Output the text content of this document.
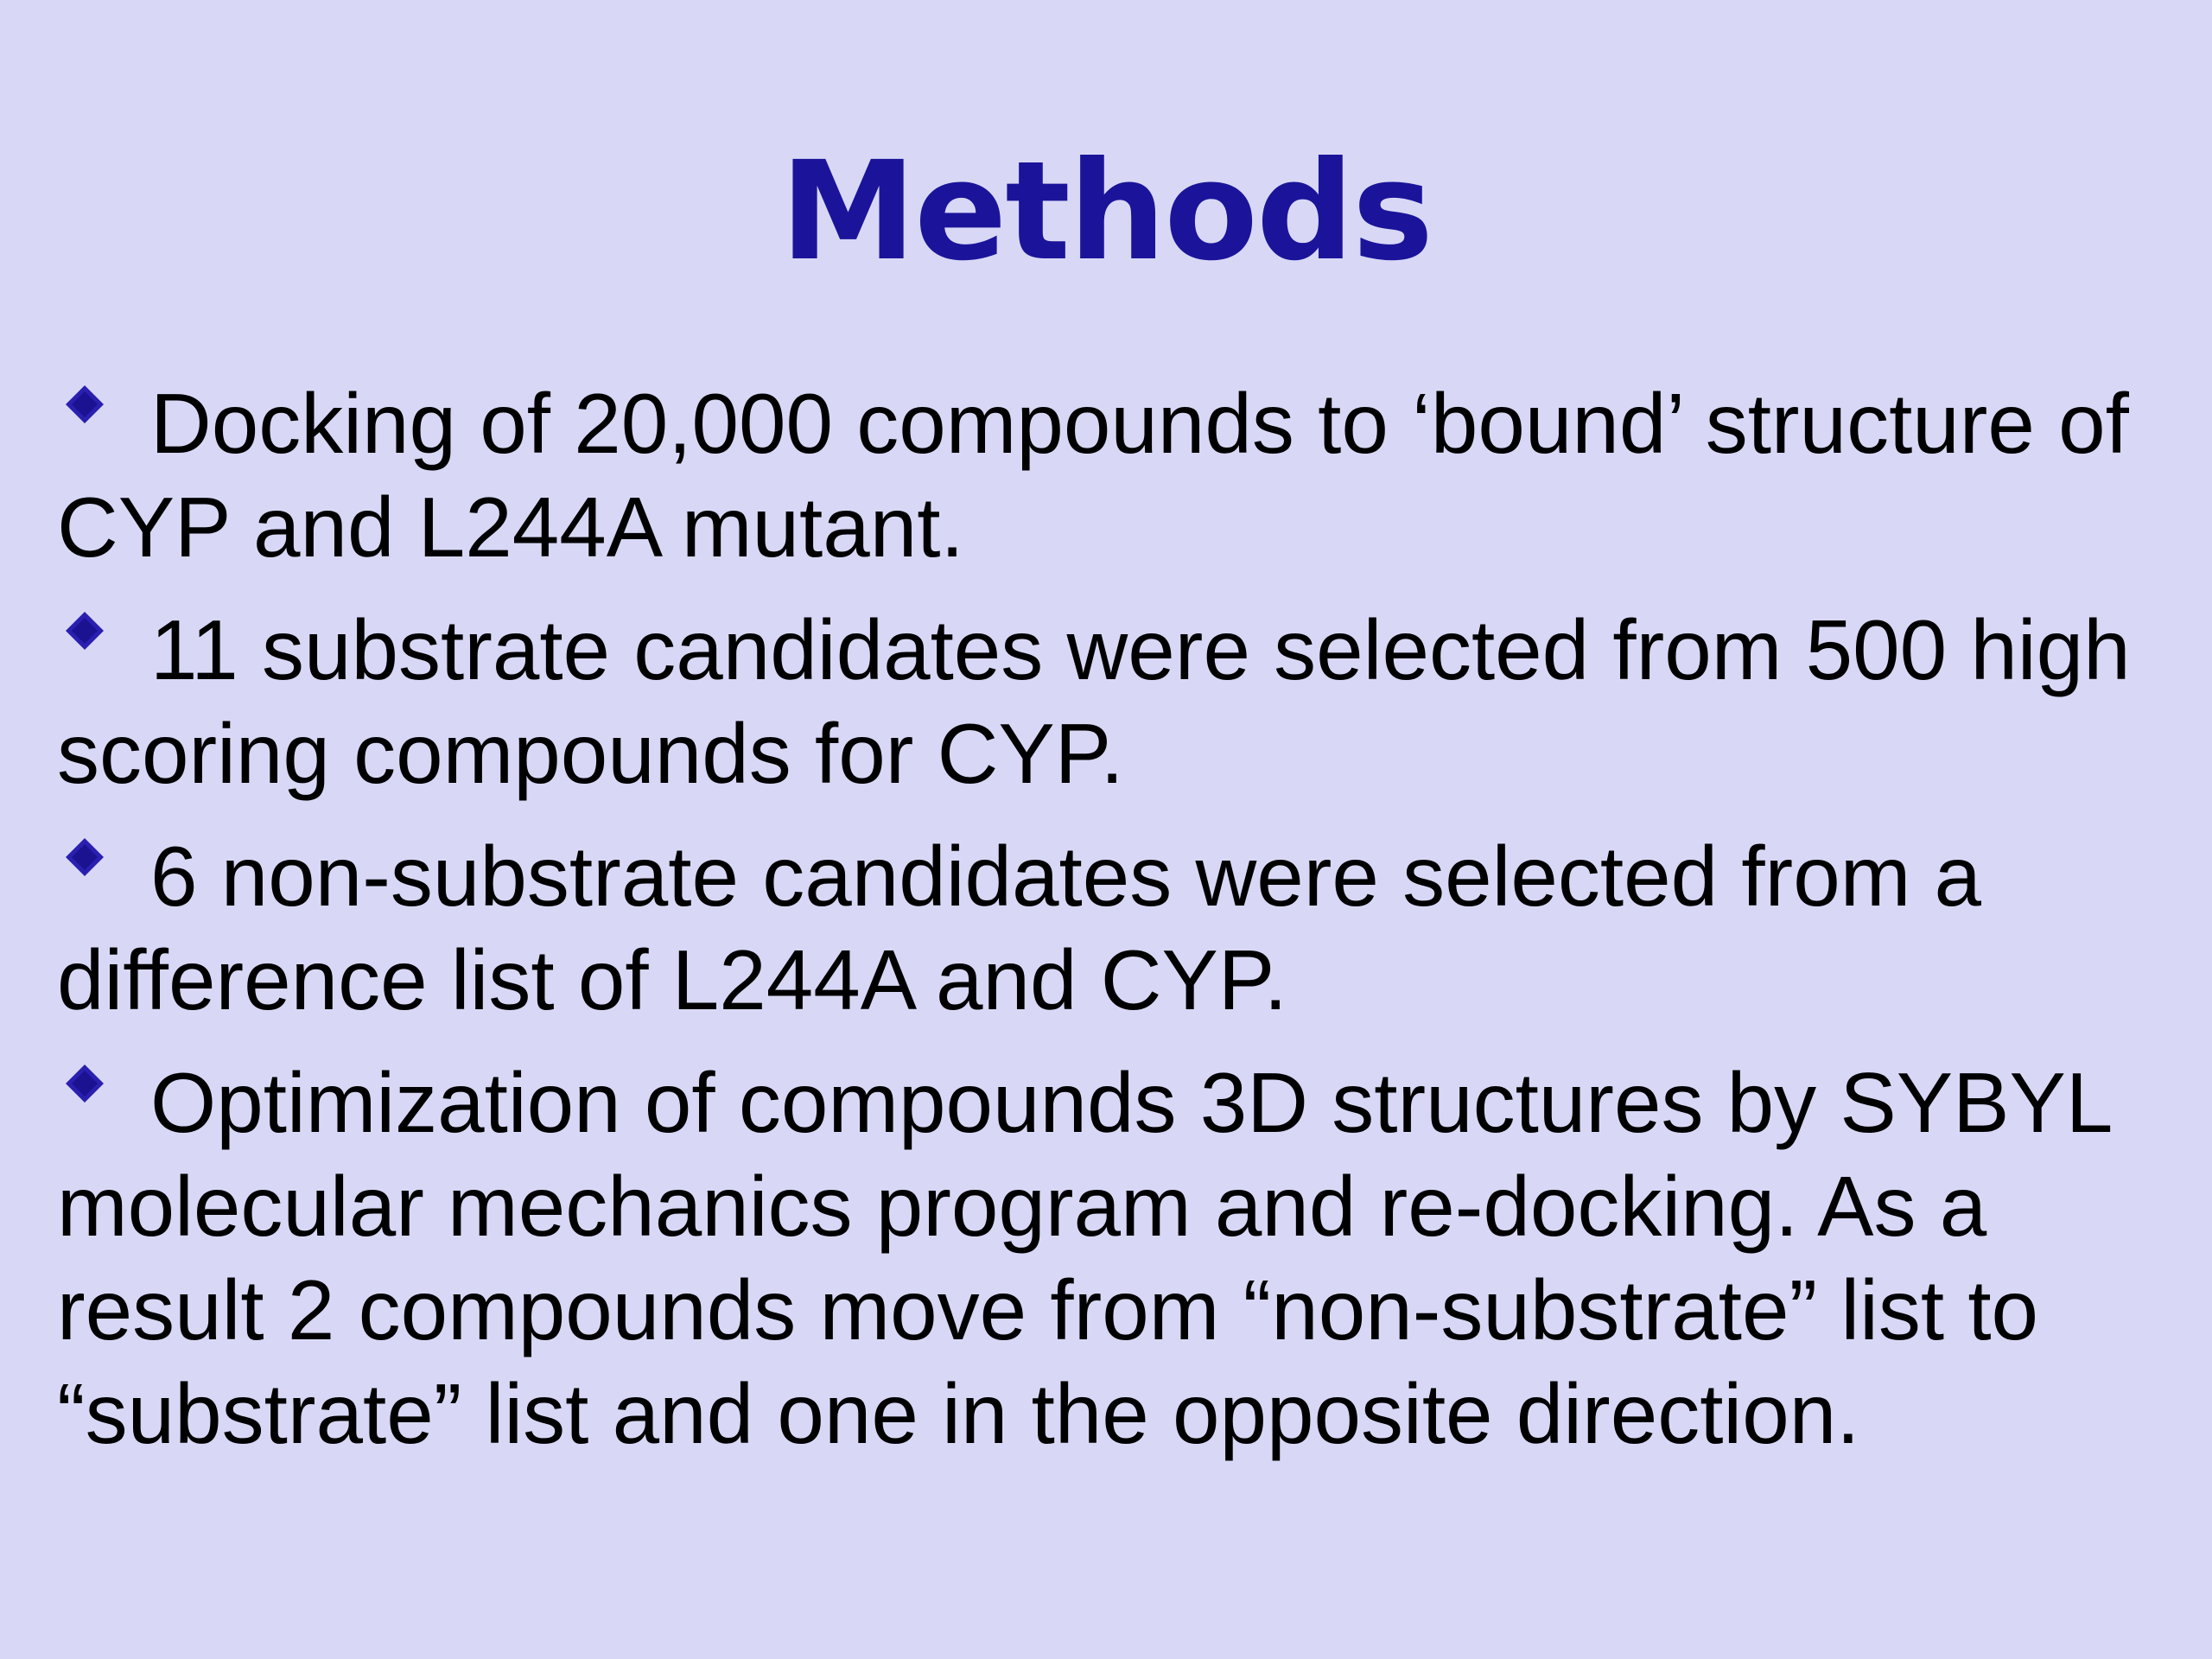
Methods
Docking of 20,000 compounds to ‘bound’ structure of CYP and L244A mutant.
11 substrate candidates were selected from 500 high scoring compounds for CYP.
6 non-substrate candidates were selected from a difference list of L244A and CYP.
Optimization of compounds 3D structures by SYBYL molecular mechanics program and re-docking. As a result 2 compounds move from “non-substrate” list to “substrate” list and one in the opposite direction.
